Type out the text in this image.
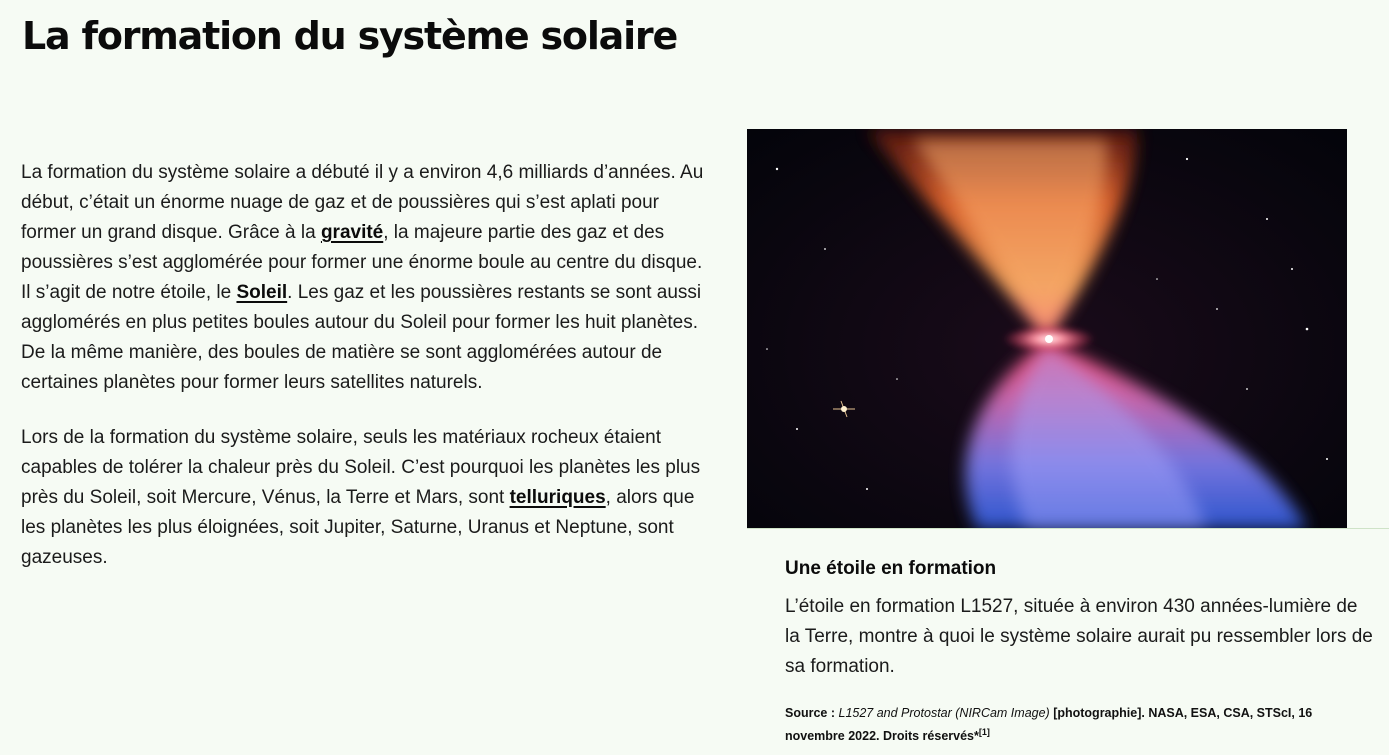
La formation du système solaire

La formation du système solaire a débuté il y a environ 4,6 milliards d’années. Au début, c’était un énorme nuage de gaz et de poussières qui s’est aplati pour former un grand disque. Grâce à la gravité, la majeure partie des gaz et des poussières s’est agglomérée pour former une énorme boule au centre du disque. Il s’agit de notre étoile, le Soleil. Les gaz et les poussières restants se sont aussi agglomérés en plus petites boules autour du Soleil pour former les huit planètes. De la même manière, des boules de matière se sont agglomérées autour de certaines planètes pour former leurs satellites naturels.

Lors de la formation du système solaire, seuls les matériaux rocheux étaient capables de tolérer la chaleur près du Soleil. C’est pourquoi les planètes les plus près du Soleil, soit Mercure, Vénus, la Terre et Mars, sont telluriques, alors que les planètes les plus éloignées, soit Jupiter, Saturne, Uranus et Neptune, sont gazeuses.

Une étoile en formation

L’étoile en formation L1527, située à environ 430 années-lumière de la Terre, montre à quoi le système solaire aurait pu ressembler lors de sa formation.

Source : L1527 and Protostar (NIRCam Image) [photographie]. NASA, ESA, CSA, STScI, 16 novembre 2022. Droits réservés*[1]
